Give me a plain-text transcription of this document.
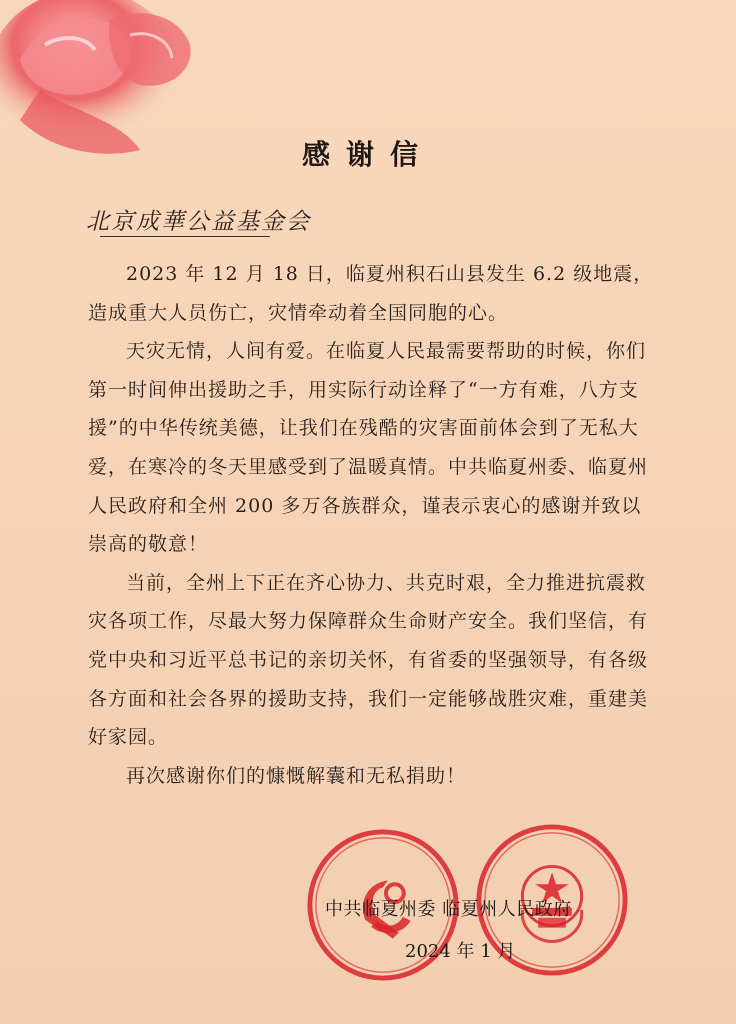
感谢信
北京成華公益基金会

2023 年 12 月 18 日，临夏州积石山县发生 6.2 级地震，造成重大人员伤亡，灾情牵动着全国同胞的心。

天灾无情，人间有爱。在临夏人民最需要帮助的时候，你们第一时间伸出援助之手，用实际行动诠释了“一方有难，八方支援”的中华传统美德，让我们在残酷的灾害面前体会到了无私大爱，在寒冷的冬天里感受到了温暖真情。中共临夏州委、临夏州人民政府和全州 200 多万各族群众，谨表示衷心的感谢并致以崇高的敬意！

当前，全州上下正在齐心协力、共克时艰，全力推进抗震救灾各项工作，尽最大努力保障群众生命财产安全。我们坚信，有党中央和习近平总书记的亲切关怀，有省委的坚强领导，有各级各方面和社会各界的援助支持，我们一定能够战胜灾难，重建美好家园。

再次感谢你们的慷慨解囊和无私捐助！

中共临夏州委 临夏州人民政府
2024 年 1 月
